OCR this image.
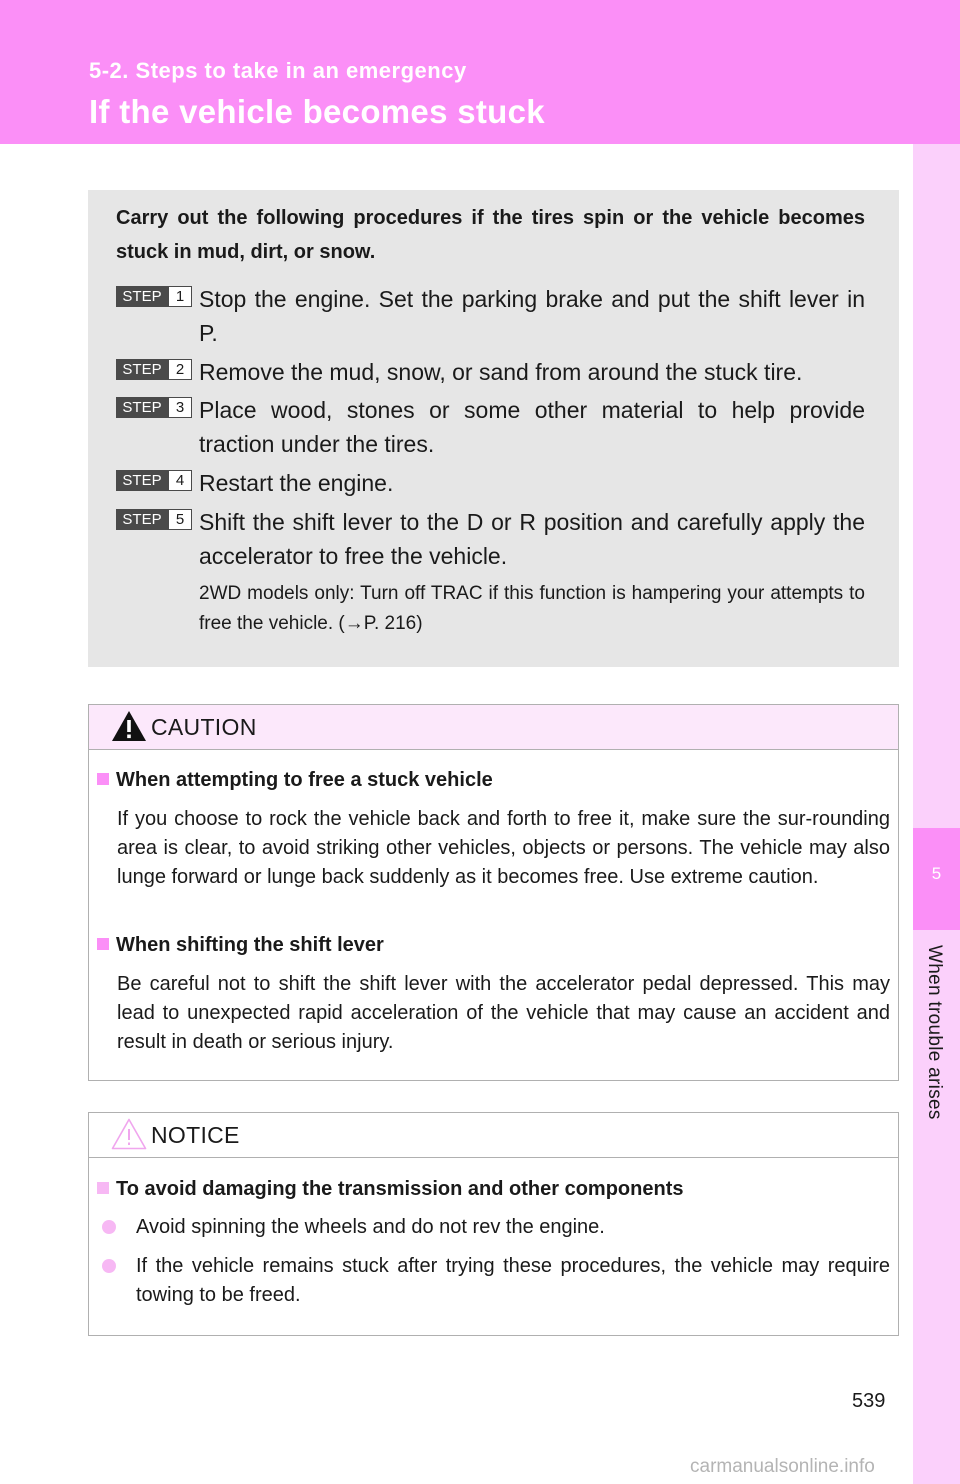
5-2. Steps to take in an emergency
If the vehicle becomes stuck
5
When trouble arises

Carry out the following procedures if the tires spin or the vehicle becomes stuck in mud, dirt, or snow.

STEP 1 Stop the engine. Set the parking brake and put the shift lever in P.

STEP 2 Remove the mud, snow, or sand from around the stuck tire.

STEP 3 Place wood, stones or some other material to help provide traction under the tires.

STEP 4 Restart the engine.

STEP 5 Shift the shift lever to the D or R position and carefully apply the accelerator to free the vehicle.

2WD models only: Turn off TRAC if this function is hampering your attempts to free the vehicle. (→P. 216)

CAUTION
When attempting to free a stuck vehicle

If you choose to rock the vehicle back and forth to free it, make sure the sur-rounding area is clear, to avoid striking other vehicles, objects or persons. The vehicle may also lunge forward or lunge back suddenly as it becomes free. Use extreme caution.

When shifting the shift lever

Be careful not to shift the shift lever with the accelerator pedal depressed. This may lead to unexpected rapid acceleration of the vehicle that may cause an accident and result in death or serious injury.

NOTICE
To avoid damaging the transmission and other components

Avoid spinning the wheels and do not rev the engine.

If the vehicle remains stuck after trying these procedures, the vehicle may require towing to be freed.

539
carmanualsonline.info
